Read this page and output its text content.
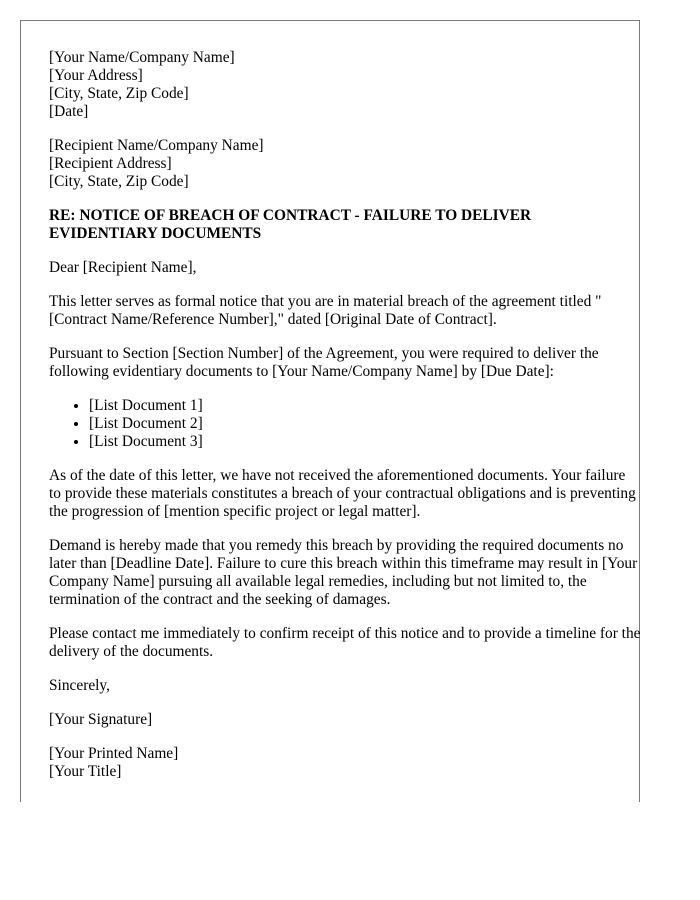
[Your Name/Company Name]
[Your Address]
[City, State, Zip Code]
[Date]
[Recipient Name/Company Name]
[Recipient Address]
[City, State, Zip Code]
RE: NOTICE OF BREACH OF CONTRACT - FAILURE TO DELIVER EVIDENTIARY DOCUMENTS

Dear [Recipient Name],

This letter serves as formal notice that you are in material breach of the agreement titled "[Contract Name/Reference Number]," dated [Original Date of Contract].

Pursuant to Section [Section Number] of the Agreement, you were required to deliver the following evidentiary documents to [Your Name/Company Name] by [Due Date]:

• [List Document 1]
• [List Document 2]
• [List Document 3]

As of the date of this letter, we have not received the aforementioned documents. Your failure to provide these materials constitutes a breach of your contractual obligations and is preventing the progression of [mention specific project or legal matter].

Demand is hereby made that you remedy this breach by providing the required documents no later than [Deadline Date]. Failure to cure this breach within this timeframe may result in [Your Company Name] pursuing all available legal remedies, including but not limited to, the termination of the contract and the seeking of damages.

Please contact me immediately to confirm receipt of this notice and to provide a timeline for the delivery of the documents.

Sincerely,

[Your Signature]

[Your Printed Name]
[Your Title]
